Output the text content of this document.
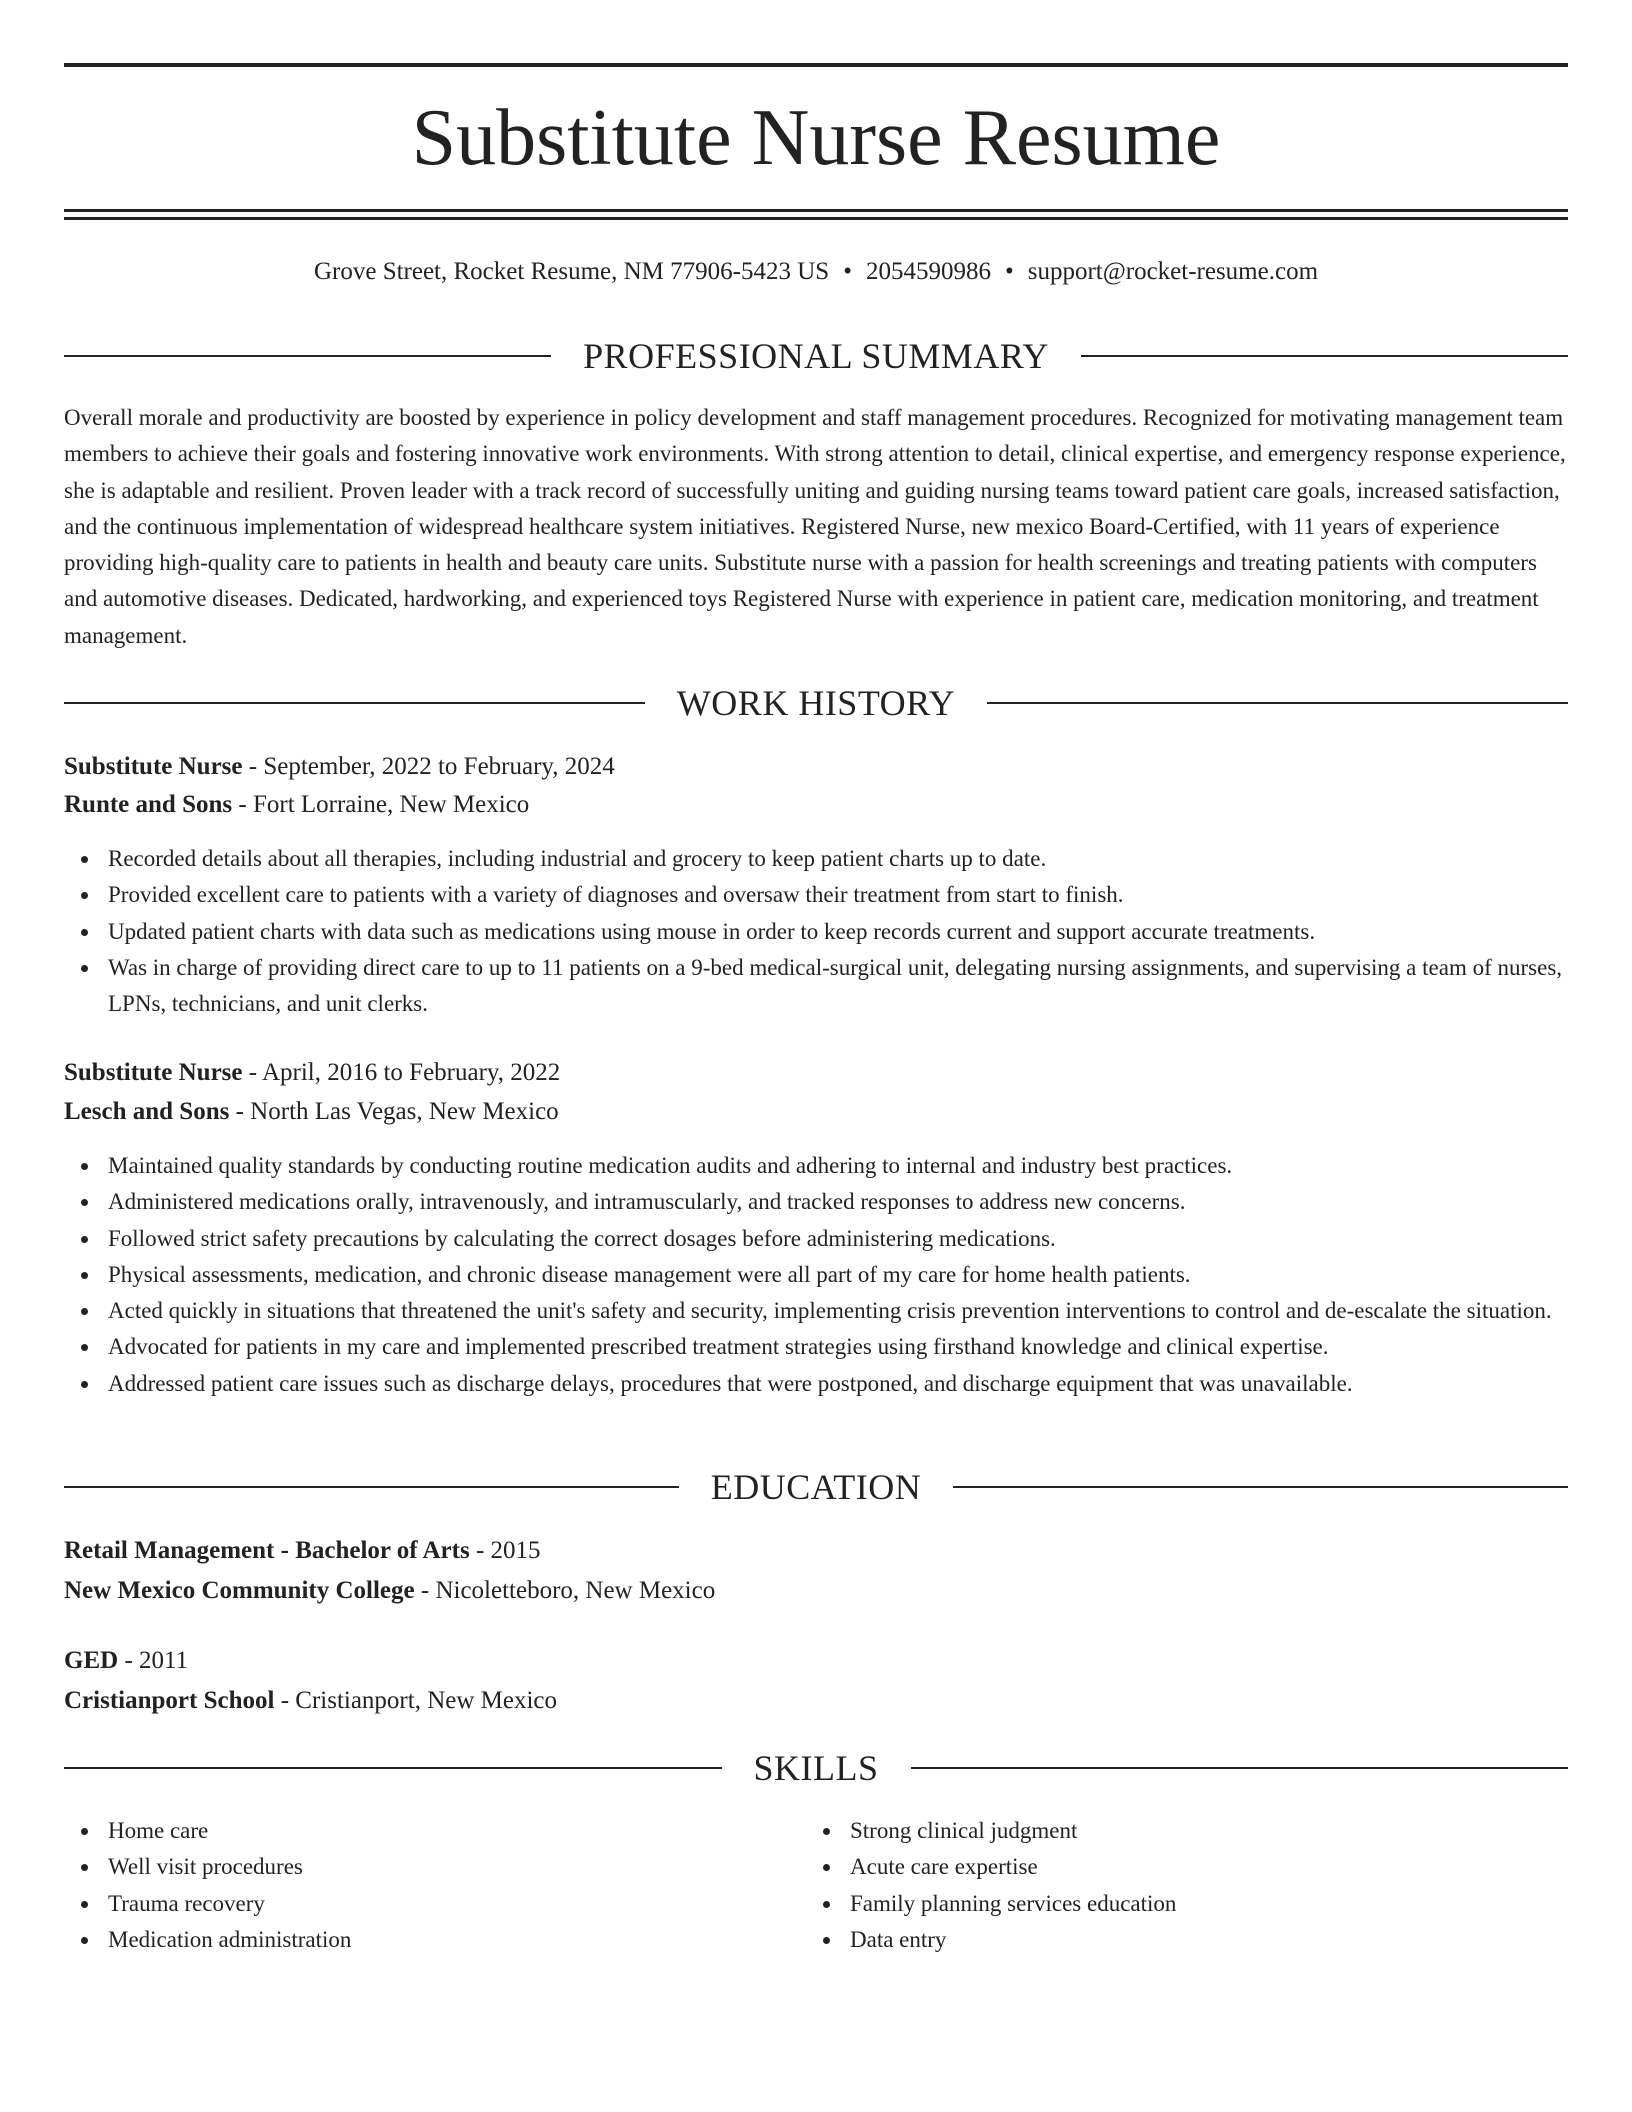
Substitute Nurse Resume
Grove Street, Rocket Resume, NM 77906-5423 US • 2054590986 • support@rocket-resume.com
PROFESSIONAL SUMMARY

Overall morale and productivity are boosted by experience in policy development and staff management procedures. Recognized for motivating management team members to achieve their goals and fostering innovative work environments. With strong attention to detail, clinical expertise, and emergency response experience, she is adaptable and resilient. Proven leader with a track record of successfully uniting and guiding nursing teams toward patient care goals, increased satisfaction, and the continuous implementation of widespread healthcare system initiatives. Registered Nurse, new mexico Board-Certified, with 11 years of experience providing high-quality care to patients in health and beauty care units. Substitute nurse with a passion for health screenings and treating patients with computers and automotive diseases. Dedicated, hardworking, and experienced toys Registered Nurse with experience in patient care, medication monitoring, and treatment management.

WORK HISTORY
Substitute Nurse - September, 2022 to February, 2024
Runte and Sons - Fort Lorraine, New Mexico
Recorded details about all therapies, including industrial and grocery to keep patient charts up to date.
Provided excellent care to patients with a variety of diagnoses and oversaw their treatment from start to finish.
Updated patient charts with data such as medications using mouse in order to keep records current and support accurate treatments.
Was in charge of providing direct care to up to 11 patients on a 9-bed medical-surgical unit, delegating nursing assignments, and supervising a team of nurses, LPNs, technicians, and unit clerks.
Substitute Nurse - April, 2016 to February, 2022
Lesch and Sons - North Las Vegas, New Mexico
Maintained quality standards by conducting routine medication audits and adhering to internal and industry best practices.
Administered medications orally, intravenously, and intramuscularly, and tracked responses to address new concerns.
Followed strict safety precautions by calculating the correct dosages before administering medications.
Physical assessments, medication, and chronic disease management were all part of my care for home health patients.
Acted quickly in situations that threatened the unit's safety and security, implementing crisis prevention interventions to control and de-escalate the situation.
Advocated for patients in my care and implemented prescribed treatment strategies using firsthand knowledge and clinical expertise.
Addressed patient care issues such as discharge delays, procedures that were postponed, and discharge equipment that was unavailable.
EDUCATION
Retail Management - Bachelor of Arts - 2015
New Mexico Community College - Nicoletteboro, New Mexico
GED - 2011
Cristianport School - Cristianport, New Mexico
SKILLS
Home care
Well visit procedures
Trauma recovery
Medication administration
Strong clinical judgment
Acute care expertise
Family planning services education
Data entry
